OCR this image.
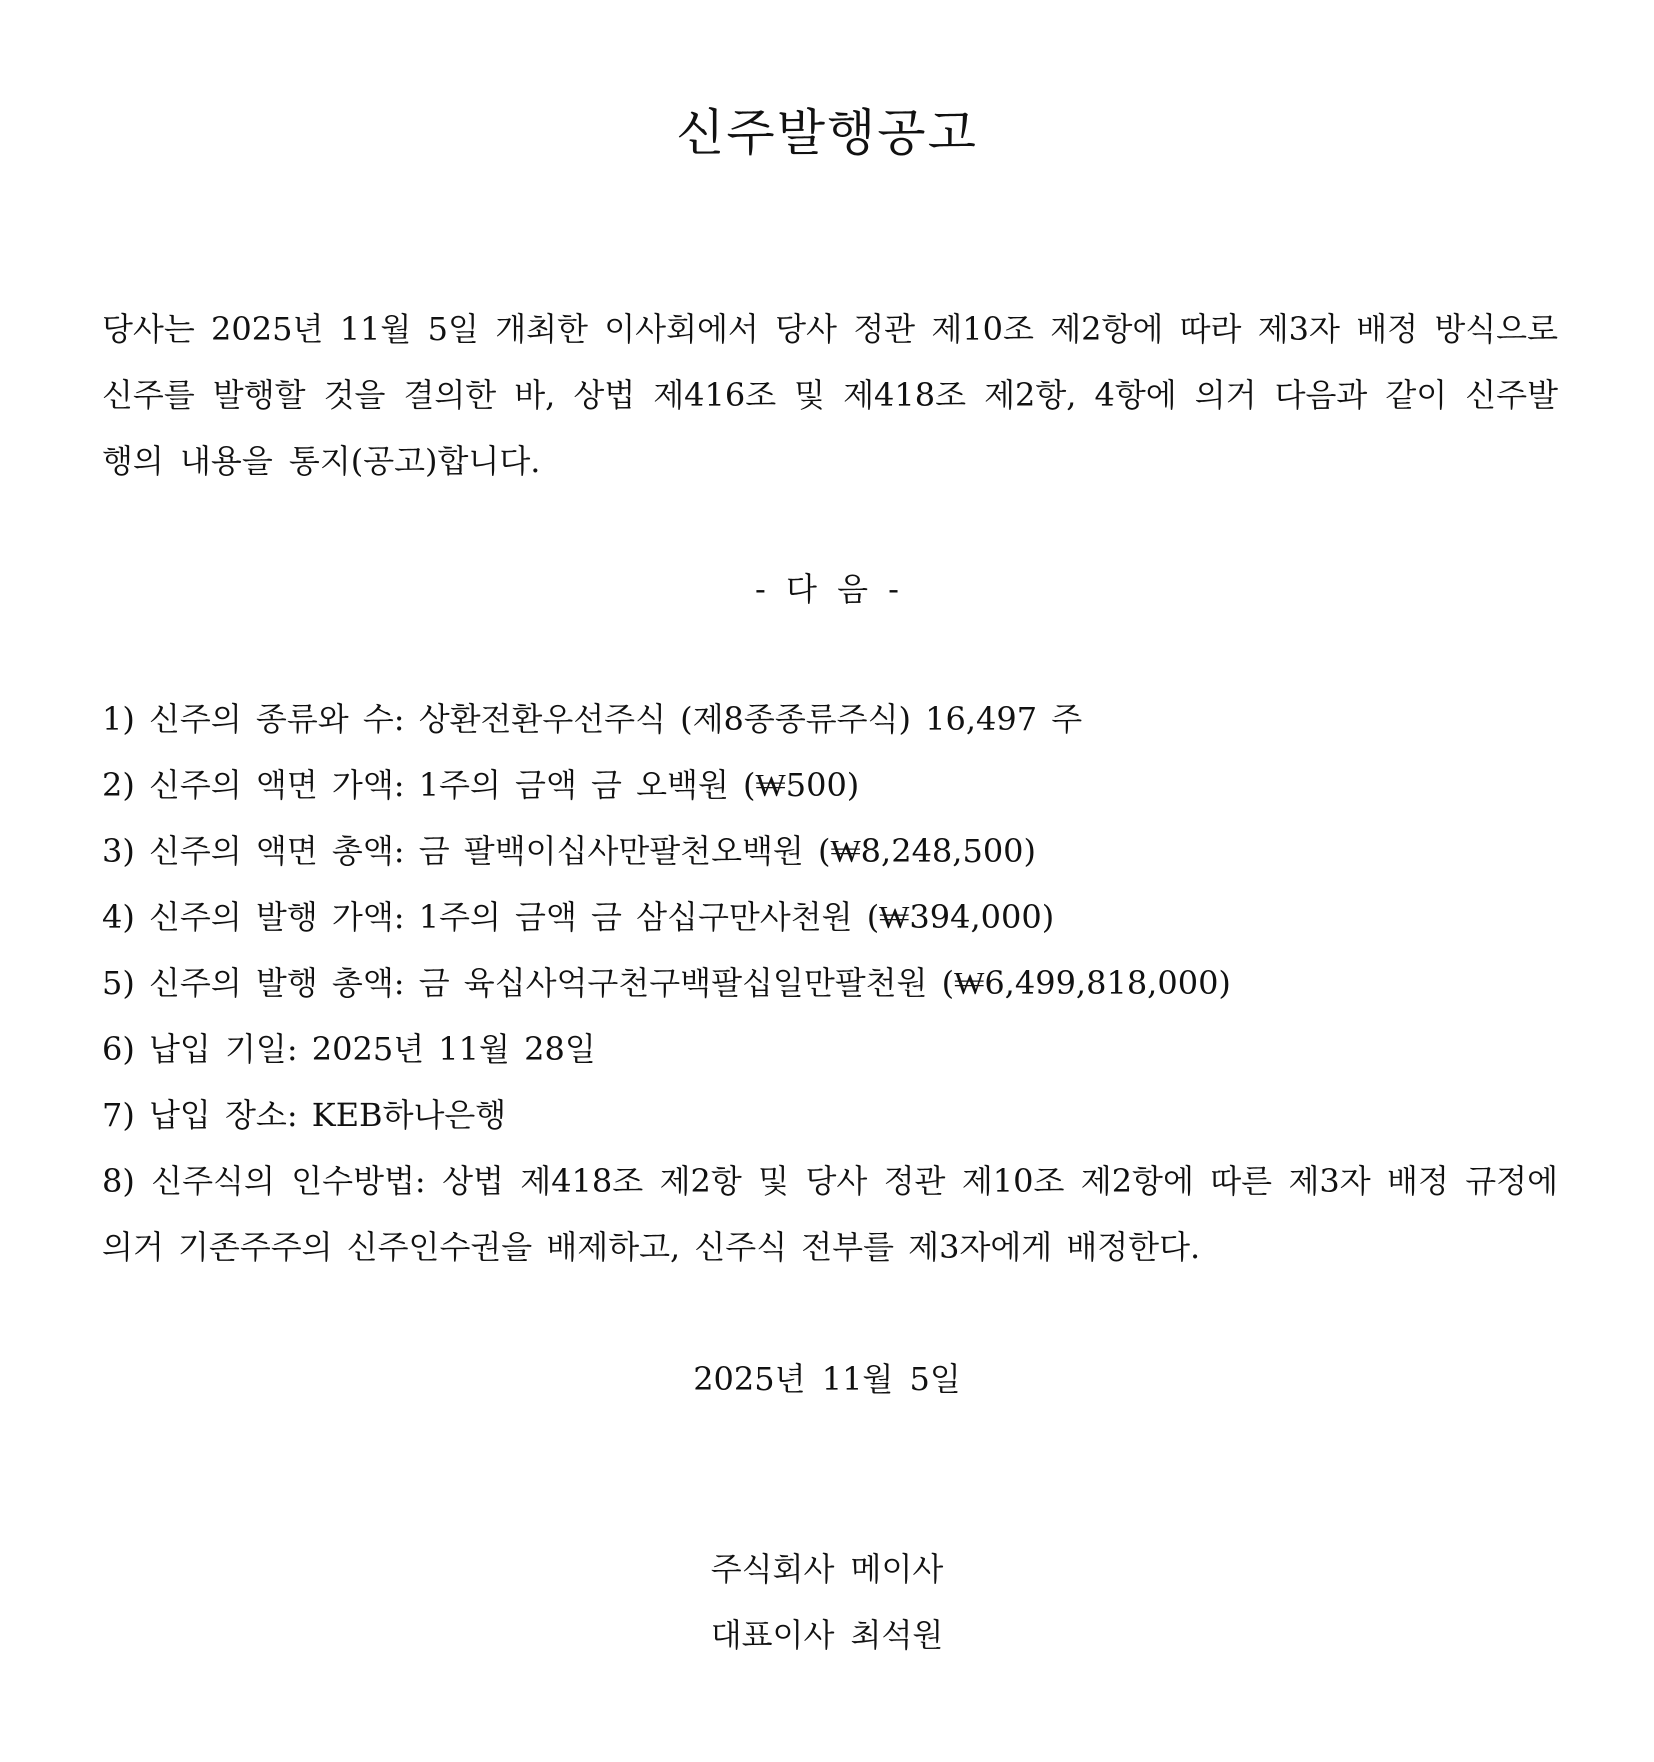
신주발행공고
당사는 2025년 11월 5일 개최한 이사회에서 당사 정관 제10조 제2항에 따라 제3자 배정 방식으로 신주를 발행할 것을 결의한 바, 상법 제416조 및 제418조 제2항, 4항에 의거 다음과 같이 신주발행의 내용을 통지(공고)합니다.
- 다 음 -
1) 신주의 종류와 수: 상환전환우선주식 (제8종종류주식) 16,497 주
2) 신주의 액면 가액: 1주의 금액 금 오백원 (₩500)
3) 신주의 액면 총액: 금 팔백이십사만팔천오백원 (₩8,248,500)
4) 신주의 발행 가액: 1주의 금액 금 삼십구만사천원 (₩394,000)
5) 신주의 발행 총액: 금 육십사억구천구백팔십일만팔천원 (₩6,499,818,000)
6) 납입 기일: 2025년 11월 28일
7) 납입 장소: KEB하나은행
8) 신주식의 인수방법: 상법 제418조 제2항 및 당사 정관 제10조 제2항에 따른 제3자 배정 규정에 의거 기존주주의 신주인수권을 배제하고, 신주식 전부를 제3자에게 배정한다.
2025년 11월 5일
주식회사 메이사
대표이사 최석원
